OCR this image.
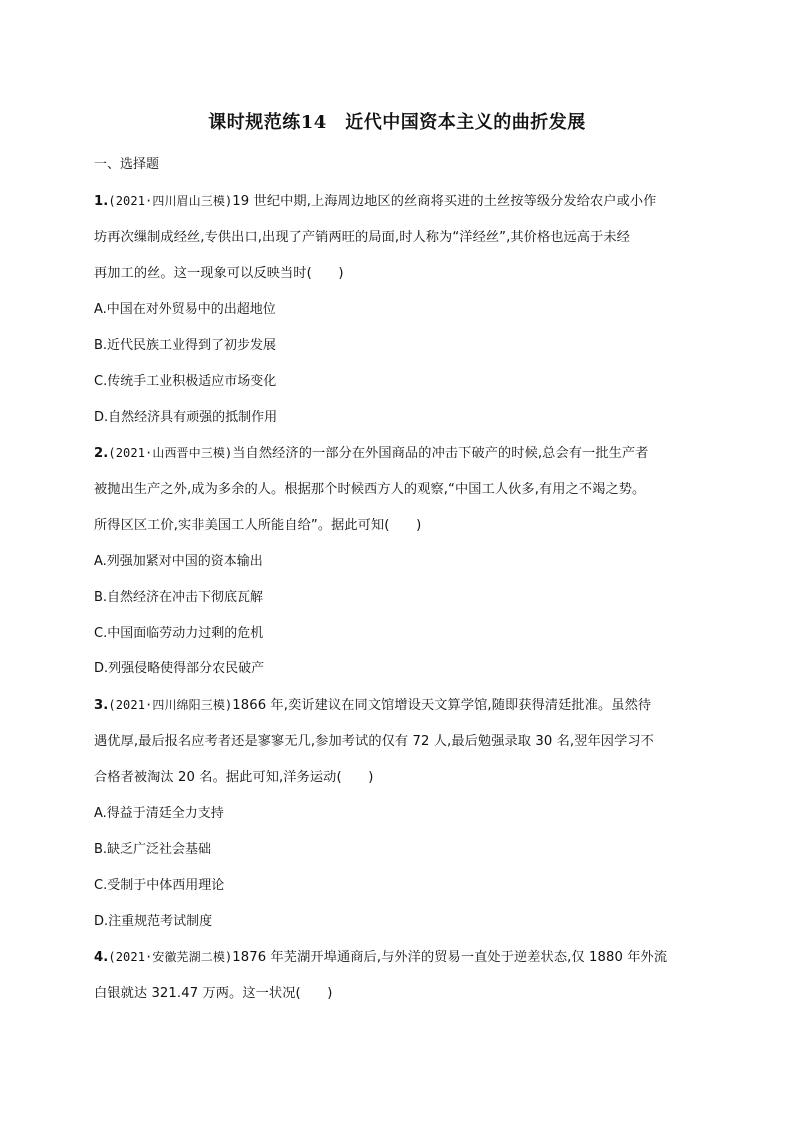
课时规范练14　近代中国资本主义的曲折发展
一、选择题
1.(2021·四川眉山三模)19 世纪中期,上海周边地区的丝商将买进的土丝按等级分发给农户或小作
坊再次缫制成经丝,专供出口,出现了产销两旺的局面,时人称为“洋经丝”,其价格也远高于未经
再加工的丝。这一现象可以反映当时(　　)
A.中国在对外贸易中的出超地位
B.近代民族工业得到了初步发展
C.传统手工业积极适应市场变化
D.自然经济具有顽强的抵制作用
2.(2021·山西晋中三模)当自然经济的一部分在外国商品的冲击下破产的时候,总会有一批生产者
被抛出生产之外,成为多余的人。根据那个时候西方人的观察,“中国工人伙多,有用之不竭之势。
所得区区工价,实非美国工人所能自给”。据此可知(　　)
A.列强加紧对中国的资本输出
B.自然经济在冲击下彻底瓦解
C.中国面临劳动力过剩的危机
D.列强侵略使得部分农民破产
3.(2021·四川绵阳三模)1866 年,奕䜣建议在同文馆增设天文算学馆,随即获得清廷批准。虽然待
遇优厚,最后报名应考者还是寥寥无几,参加考试的仅有 72 人,最后勉强录取 30 名,翌年因学习不
合格者被淘汰 20 名。据此可知,洋务运动(　　)
A.得益于清廷全力支持
B.缺乏广泛社会基础
C.受制于中体西用理论
D.注重规范考试制度
4.(2021·安徽芜湖二模)1876 年芜湖开埠通商后,与外洋的贸易一直处于逆差状态,仅 1880 年外流
白银就达 321.47 万两。这一状况(　　)
